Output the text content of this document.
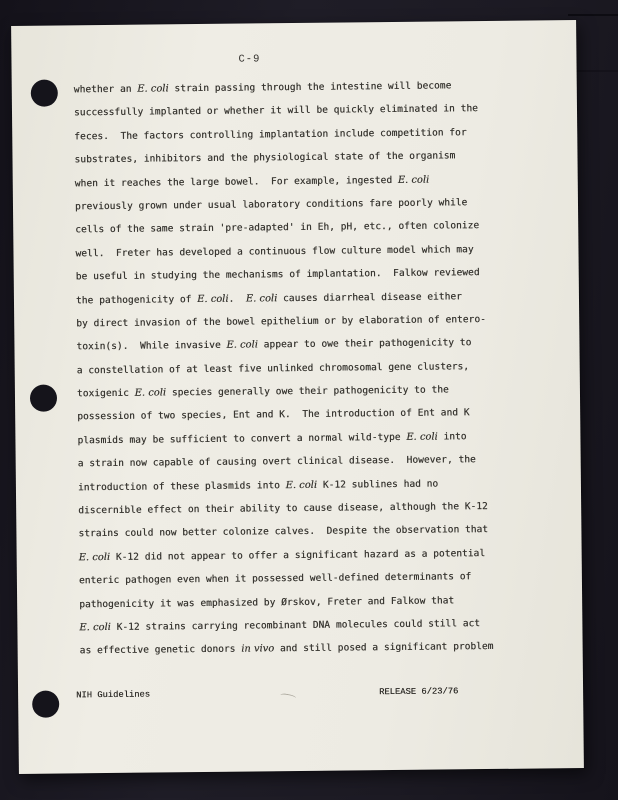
C-9
whether an E. coli strain passing through the intestine will become
successfully implanted or whether it will be quickly eliminated in the
feces.  The factors controlling implantation include competition for
substrates, inhibitors and the physiological state of the organism
when it reaches the large bowel.  For example, ingested E. coli
previously grown under usual laboratory conditions fare poorly while
cells of the same strain 'pre-adapted' in Eh, pH, etc., often colonize
well.  Freter has developed a continuous flow culture model which may
be useful in studying the mechanisms of implantation.  Falkow reviewed
the pathogenicity of E. coli.  E. coli causes diarrheal disease either
by direct invasion of the bowel epithelium or by elaboration of entero-
toxin(s).  While invasive E. coli appear to owe their pathogenicity to
a constellation of at least five unlinked chromosomal gene clusters,
toxigenic E. coli species generally owe their pathogenicity to the
possession of two species, Ent and K.  The introduction of Ent and K
plasmids may be sufficient to convert a normal wild-type E. coli into
a strain now capable of causing overt clinical disease.  However, the
introduction of these plasmids into E. coli K-12 sublines had no
discernible effect on their ability to cause disease, although the K-12
strains could now better colonize calves.  Despite the observation that
E. coli K-12 did not appear to offer a significant hazard as a potential
enteric pathogen even when it possessed well-defined determinants of
pathogenicity it was emphasized by Ørskov, Freter and Falkow that
E. coli K-12 strains carrying recombinant DNA molecules could still act
as effective genetic donors in vivo and still posed a significant problem
NIH Guidelines	RELEASE 6/23/76
